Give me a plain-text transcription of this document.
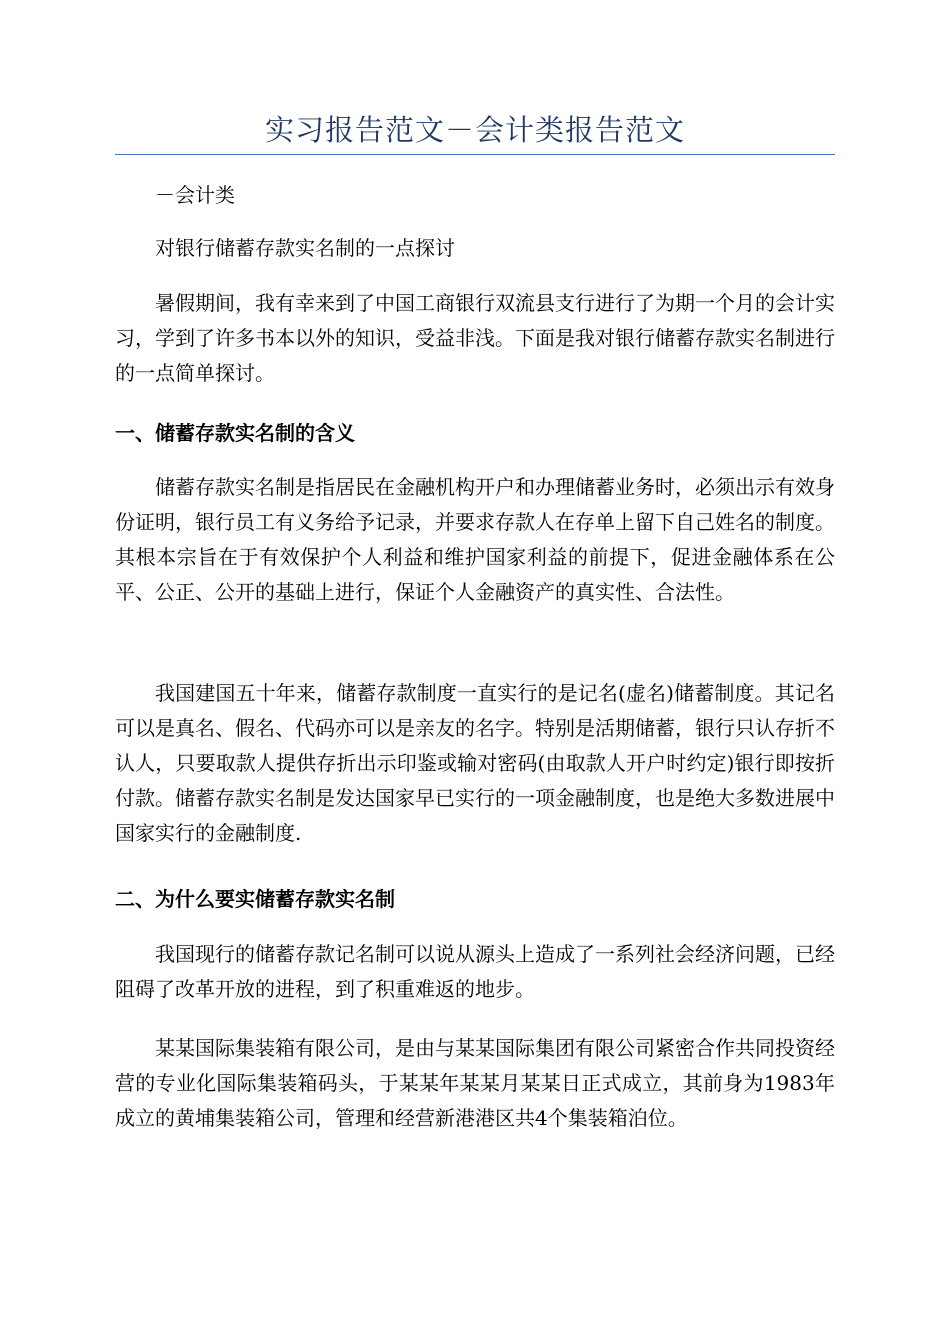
实习报告范文－会计类报告范文

－会计类

对银行储蓄存款实名制的一点探讨

暑假期间，我有幸来到了中国工商银行双流县支行进行了为期一个月的会计实习，学到了许多书本以外的知识，受益非浅。下面是我对银行储蓄存款实名制进行的一点简单探讨。

一、储蓄存款实名制的含义

储蓄存款实名制是指居民在金融机构开户和办理储蓄业务时，必须出示有效身份证明，银行员工有义务给予记录，并要求存款人在存单上留下自己姓名的制度。其根本宗旨在于有效保护个人利益和维护国家利益的前提下，促进金融体系在公平、公正、公开的基础上进行，保证个人金融资产的真实性、合法性。

我国建国五十年来，储蓄存款制度一直实行的是记名(虚名)储蓄制度。其记名可以是真名、假名、代码亦可以是亲友的名字。特别是活期储蓄，银行只认存折不认人，只要取款人提供存折出示印鉴或输对密码(由取款人开户时约定)银行即按折付款。储蓄存款实名制是发达国家早已实行的一项金融制度，也是绝大多数进展中国家实行的金融制度.

二、为什么要实储蓄存款实名制

我国现行的储蓄存款记名制可以说从源头上造成了一系列社会经济问题，已经阻碍了改革开放的进程，到了积重难返的地步。

某某国际集装箱有限公司，是由与某某国际集团有限公司紧密合作共同投资经营的专业化国际集装箱码头，于某某年某某月某某日正式成立，其前身为1983年成立的黄埔集装箱公司，管理和经营新港港区共4个集装箱泊位。
